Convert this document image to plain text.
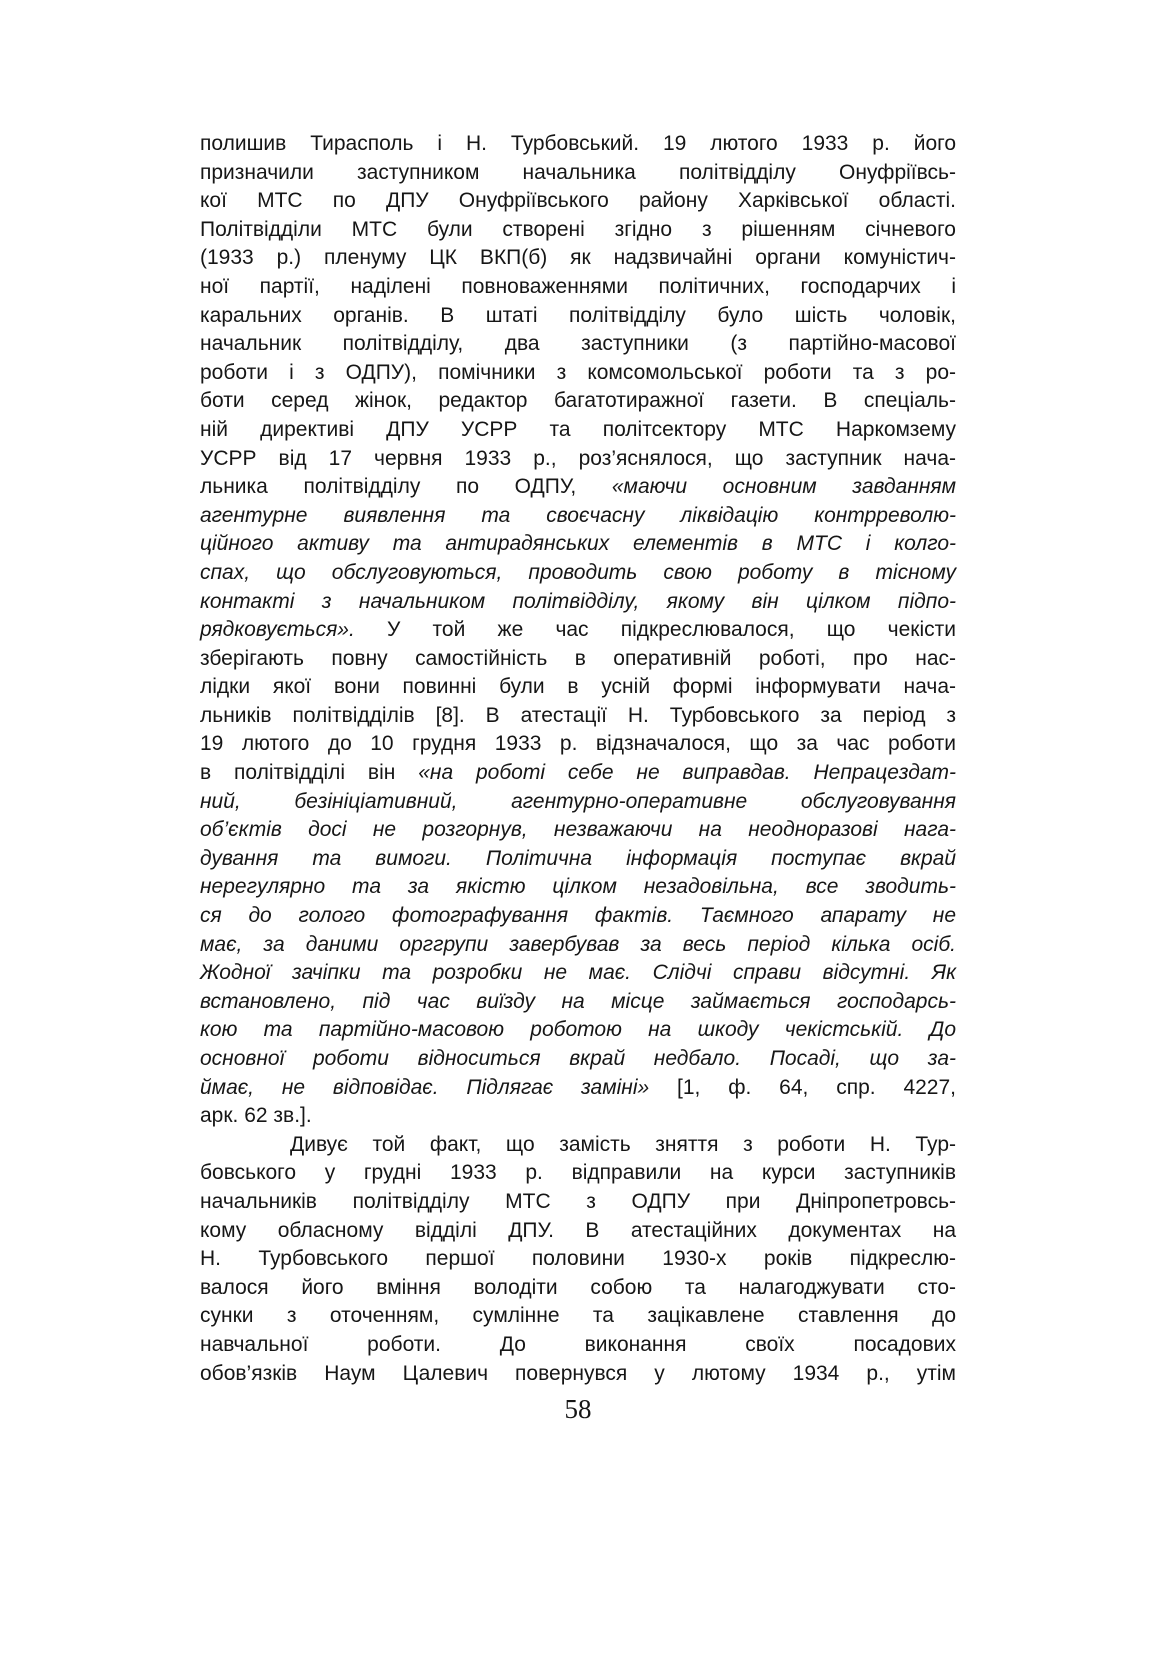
полишив Тирасполь і Н. Турбовський. 19 лютого 1933 р. його
призначили заступником начальника політвідділу Онуфріївсь-
кої МТС по ДПУ Онуфріївського району Харківської області.
Політвідділи МТС були створені згідно з рішенням січневого
(1933 р.) пленуму ЦК ВКП(б) як надзвичайні органи комуністич-
ної партії, наділені повноваженнями політичних, господарчих і
каральних органів. В штаті політвідділу було шість чоловік,
начальник політвідділу, два заступники (з партійно-масової
роботи і з ОДПУ), помічники з комсомольської роботи та з ро-
боти серед жінок, редактор багатотиражної газети. В спеціаль-
ній директиві ДПУ УСРР та політсектору МТС Наркомзему
УСРР від 17 червня 1933 р., роз’яснялося, що заступник нача-
льника політвідділу по ОДПУ, «маючи основним завданням
агентурне виявлення та своєчасну ліквідацію контрреволю-
ційного активу та антирадянських елементів в МТС і колго-
спах, що обслуговуються, проводить свою роботу в тісному
контакті з начальником політвідділу, якому він цілком підпо-
рядковується». У той же час підкреслювалося, що чекісти
зберігають повну самостійність в оперативній роботі, про нас-
лідки якої вони повинні були в усній формі інформувати нача-
льників політвідділів [8]. В атестації Н. Турбовського за період з
19 лютого до 10 грудня 1933 р. відзначалося, що за час роботи
в політвідділі він «на роботі себе не виправдав. Непрацездат-
ний, безініціативний, агентурно-оперативне обслуговування
об’єктів досі не розгорнув, незважаючи на неодноразові нага-
дування та вимоги. Політична інформація поступає вкрай
нерегулярно та за якістю цілком незадовільна, все зводить-
ся до голого фотографування фактів. Таємного апарату не
має, за даними орггрупи завербував за весь період кілька осіб.
Жодної зачіпки та розробки не має. Слідчі справи відсутні. Як
встановлено, під час виїзду на місце займається господарсь-
кою та партійно-масовою роботою на шкоду чекістській. До
основної роботи відноситься вкрай недбало. Посаді, що за-
ймає, не відповідає. Підлягає заміні» [1, ф. 64, спр. 4227,
арк. 62 зв.].
Дивує той факт, що замість зняття з роботи Н. Тур-
бовського у грудні 1933 р. відправили на курси заступників
начальників політвідділу МТС з ОДПУ при Дніпропетровсь-
кому обласному відділі ДПУ. В атестаційних документах на
Н. Турбовського першої половини 1930-х років підкреслю-
валося його вміння володіти собою та налагоджувати сто-
сунки з оточенням, сумлінне та зацікавлене ставлення до
навчальної роботи. До виконання своїх посадових
обов’язків Наум Цалевич повернувся у лютому 1934 р., утім
58
